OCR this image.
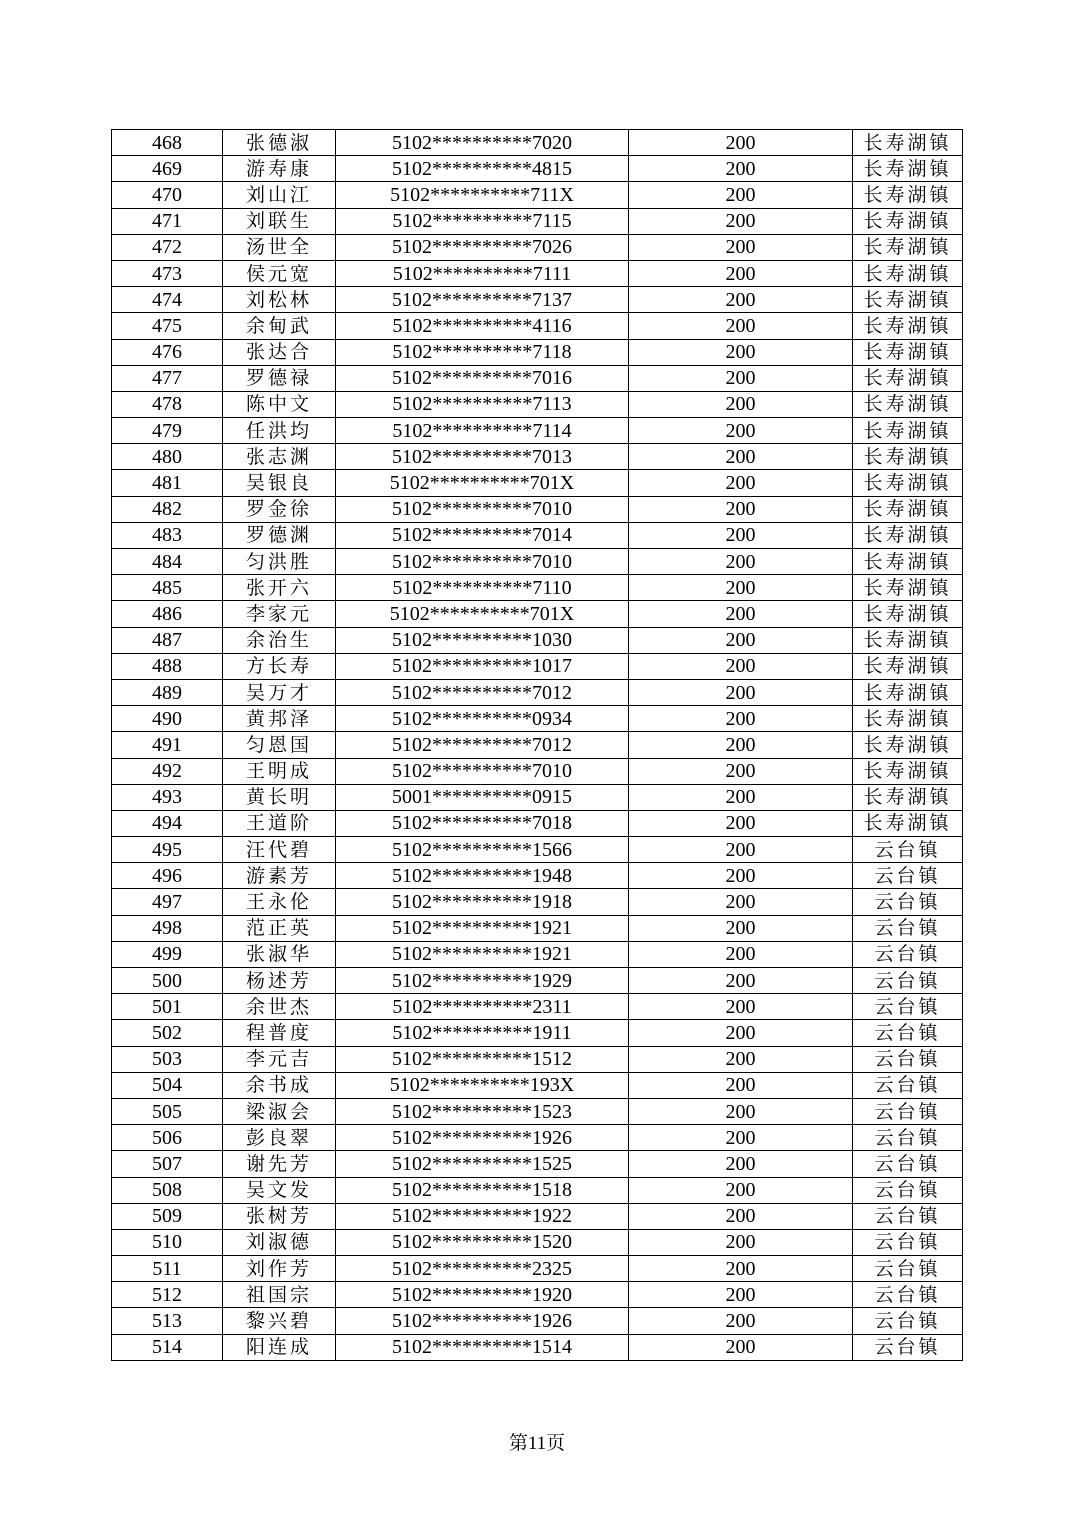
468	张德淑	5102**********7020	200	长寿湖镇
469	游寿康	5102**********4815	200	长寿湖镇
470	刘山江	5102**********711X	200	长寿湖镇
471	刘联生	5102**********7115	200	长寿湖镇
472	汤世全	5102**********7026	200	长寿湖镇
473	侯元宽	5102**********7111	200	长寿湖镇
474	刘松林	5102**********7137	200	长寿湖镇
475	余甸武	5102**********4116	200	长寿湖镇
476	张达合	5102**********7118	200	长寿湖镇
477	罗德禄	5102**********7016	200	长寿湖镇
478	陈中文	5102**********7113	200	长寿湖镇
479	任洪均	5102**********7114	200	长寿湖镇
480	张志渊	5102**********7013	200	长寿湖镇
481	吴银良	5102**********701X	200	长寿湖镇
482	罗金徐	5102**********7010	200	长寿湖镇
483	罗德渊	5102**********7014	200	长寿湖镇
484	匀洪胜	5102**********7010	200	长寿湖镇
485	张开六	5102**********7110	200	长寿湖镇
486	李家元	5102**********701X	200	长寿湖镇
487	余治生	5102**********1030	200	长寿湖镇
488	方长寿	5102**********1017	200	长寿湖镇
489	吴万才	5102**********7012	200	长寿湖镇
490	黄邦泽	5102**********0934	200	长寿湖镇
491	匀恩国	5102**********7012	200	长寿湖镇
492	王明成	5102**********7010	200	长寿湖镇
493	黄长明	5001**********0915	200	长寿湖镇
494	王道阶	5102**********7018	200	长寿湖镇
495	汪代碧	5102**********1566	200	云台镇
496	游素芳	5102**********1948	200	云台镇
497	王永伦	5102**********1918	200	云台镇
498	范正英	5102**********1921	200	云台镇
499	张淑华	5102**********1921	200	云台镇
500	杨述芳	5102**********1929	200	云台镇
501	余世杰	5102**********2311	200	云台镇
502	程普度	5102**********1911	200	云台镇
503	李元吉	5102**********1512	200	云台镇
504	余书成	5102**********193X	200	云台镇
505	梁淑会	5102**********1523	200	云台镇
506	彭良翠	5102**********1926	200	云台镇
507	谢先芳	5102**********1525	200	云台镇
508	吴文发	5102**********1518	200	云台镇
509	张树芳	5102**********1922	200	云台镇
510	刘淑德	5102**********1520	200	云台镇
511	刘作芳	5102**********2325	200	云台镇
512	祖国宗	5102**********1920	200	云台镇
513	黎兴碧	5102**********1926	200	云台镇
514	阳连成	5102**********1514	200	云台镇
第11页
